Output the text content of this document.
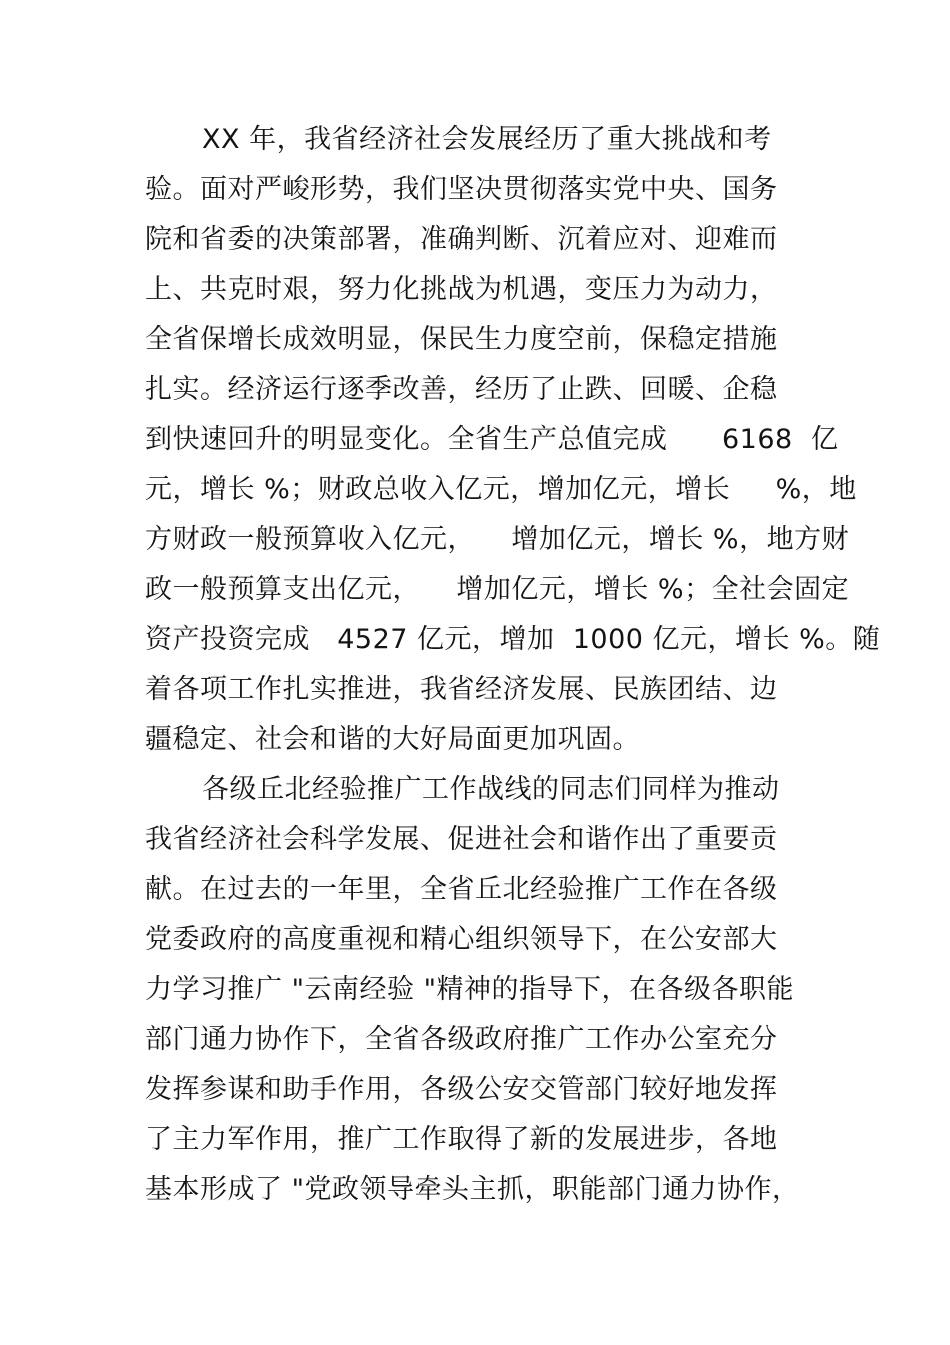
XX 年，我省经济社会发展经历了重大挑战和考
验。面对严峻形势，我们坚决贯彻落实党中央、国务
院和省委的决策部署，准确判断、沉着应对、迎难而
上、共克时艰，努力化挑战为机遇，变压力为动力，
全省保增长成效明显，保民生力度空前，保稳定措施
扎实。经济运行逐季改善，经历了止跌、回暖、企稳
到快速回升的明显变化。全省生产总值完成      6168  亿
元，增长 %；财政总收入亿元，增加亿元，增长     %，地
方财政一般预算收入亿元，    增加亿元，增长 %，地方财
政一般预算支出亿元，    增加亿元，增长 %；全社会固定
资产投资完成   4527 亿元，增加  1000 亿元，增长 %。随
着各项工作扎实推进，我省经济发展、民族团结、边
疆稳定、社会和谐的大好局面更加巩固。
各级丘北经验推广工作战线的同志们同样为推动
我省经济社会科学发展、促进社会和谐作出了重要贡
献。在过去的一年里，全省丘北经验推广工作在各级
党委政府的高度重视和精心组织领导下，在公安部大
力学习推广 "云南经验 "精神的指导下，在各级各职能
部门通力协作下，全省各级政府推广工作办公室充分
发挥参谋和助手作用，各级公安交管部门较好地发挥
了主力军作用，推广工作取得了新的发展进步，各地
基本形成了 "党政领导牵头主抓，职能部门通力协作，
